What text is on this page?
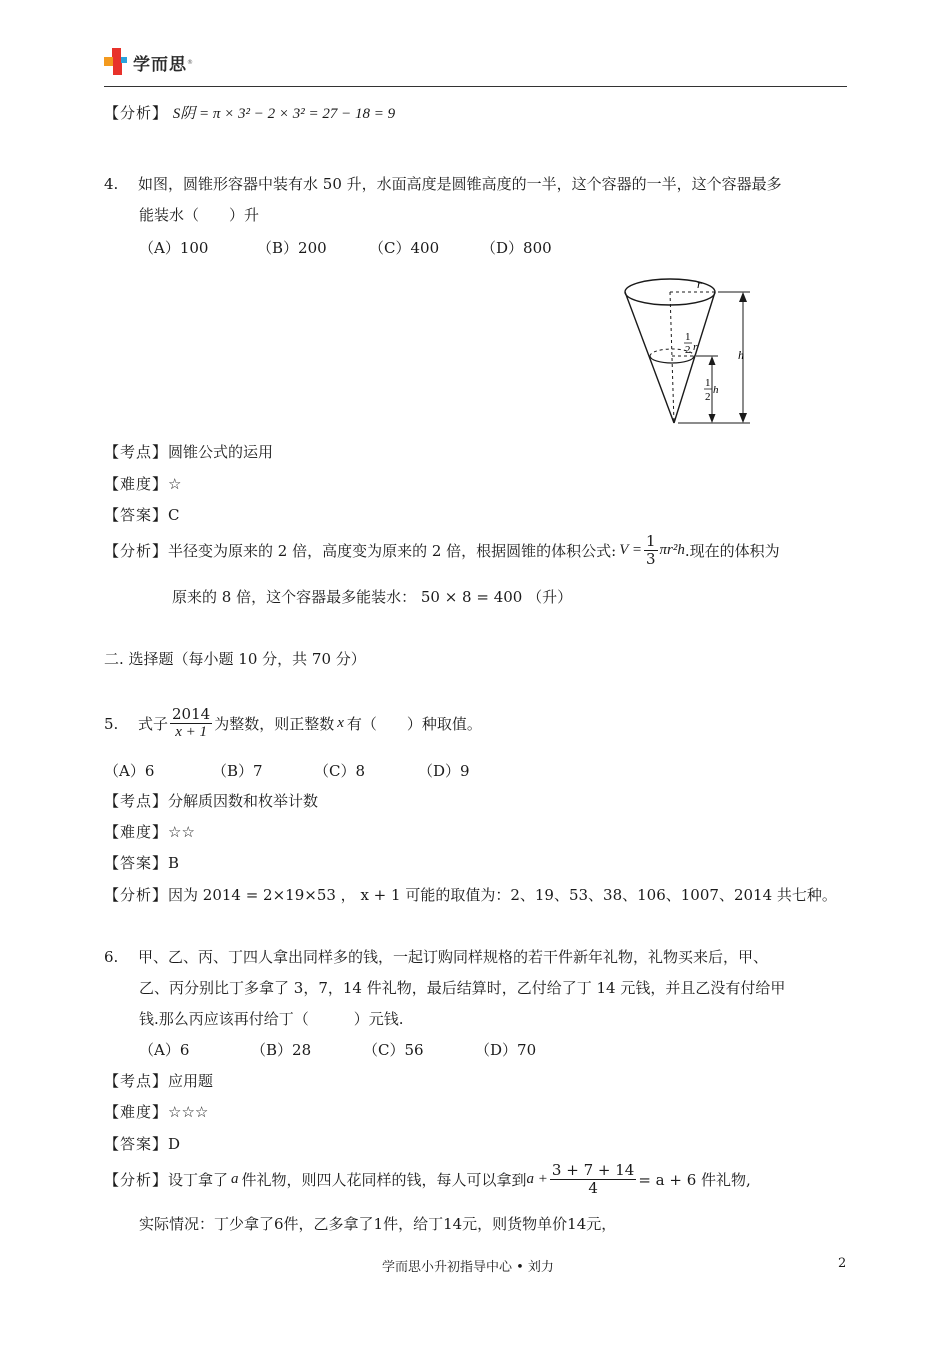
学而思 ®
【分析】 S阴 = π × 3² − 2 × 3² = 27 − 18 = 9
4. 如图，圆锥形容器中装有水 50 升，水面高度是圆锥高度的一半，这个容器的一半，这个容器最多
能装水（　　）升
（A）100	（B）200	（C）400	（D）800
r
h
1
2 r
1
2
h
【考点】圆锥公式的运用
【难度】☆
【答案】C
【分析】 半径变为原来的 2 倍，高度变为原来的 2 倍，根据圆锥的体积公式: $V = \frac{1}{3} \pi r^2h$ .现在的体积为
原来的 8 倍，这个容器最多能装水： 50 × 8 = 400 （升）
二. 选择题（每小题 10 分，共 70 分）
5.	式子 $\frac{2014}{x + 1}$ 为整数，则正整数 x 有（　　）种取值。
（A）6	（B）7	（C）8	（D）9
【考点】分解质因数和枚举计数
【难度】☆☆
【答案】B
【分析】因为 2014 = 2×19×53 ， x + 1 可能的取值为：2、19、53、38、106、1007、2014 共七种。
6. 甲、乙、丙、丁四人拿出同样多的钱，一起订购同样规格的若干件新年礼物，礼物买来后，甲、
乙、丙分别比丁多拿了 3，7，14 件礼物，最后结算时，乙付给了丁 14 元钱，并且乙没有付给甲
钱.那么丙应该再付给丁（　　　）元钱.
（A）6	（B）28	（C）56	（D）70
【考点】应用题
【难度】☆☆☆
【答案】D
【分析】 设丁拿了 a 件礼物，则四人花同样的钱，每人可以拿到 $a + \frac{3 + 7 + 14}{4} = a + 6$ 件礼物,
实际情况：丁少拿了6件，乙多拿了1件，给丁14元，则货物单价14元，
学而思小升初指导中心 • 刘力	2
